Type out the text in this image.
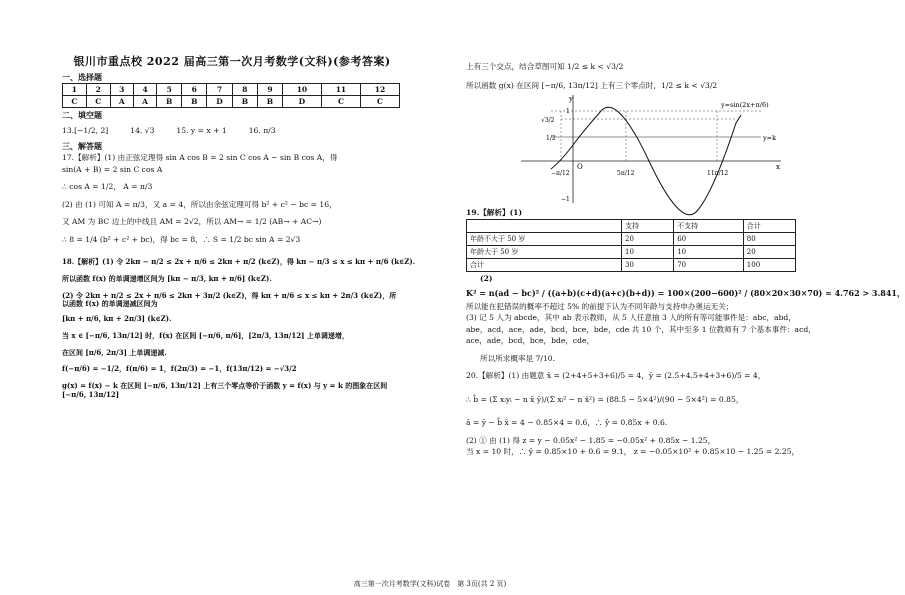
银川市重点校 2022 届高三第一次月考数学(文科)(参考答案)
一、选择题
1	2	3	4	5	6	7	8	9	10	11	12
C	C	A	A	B	B	D	B	B	D	C	C
二、填空题
13.[−1/2, 2]	14. √3	15. y = x + 1	16. π/3
三、解答题
17.【解析】(1) 由正弦定理得 sin A cos B = 2 sin C cos A − sin B cos A，得
sin(A + B) = 2 sin C cos A
∴ cos A = 1/2， A = π/3
(2) 由 (1) 可知 A = π/3，又 a = 4，所以由余弦定理可得 b² + c² − bc = 16，
又 AM 为 BC 边上的中线且 AM = 2√2，所以 AM→ = 1/2 (AB→ + AC→)
∴ 8 = 1/4 (b² + c² + bc)，得 bc = 8，∴ S = 1/2 bc sin A = 2√3
18.【解析】(1) 令 2kπ − π/2 ≤ 2x + π/6 ≤ 2kπ + π/2 (k∈Z)，得 kπ − π/3 ≤ x ≤ kπ + π/6 (k∈Z).
所以函数 f(x) 的单调递增区间为 [kπ − π/3, kπ + π/6] (k∈Z).
(2) 令 2kπ + π/2 ≤ 2x + π/6 ≤ 2kπ + 3π/2 (k∈Z)，得 kπ + π/6 ≤ x ≤ kπ + 2π/3 (k∈Z)，所以函数 f(x) 的单调递减区间为
[kπ + π/6, kπ + 2π/3] (k∈Z).
当 x ∈ [−π/6, 13π/12] 时，f(x) 在区间 [−π/6, π/6]，[2π/3, 13π/12] 上单调递增，
在区间 [π/6, 2π/3] 上单调递减.
f(−π/6) = −1/2，f(π/6) = 1，f(2π/3) = −1，f(13π/12) = −√3/2
g(x) = f(x) − k 在区间 [−π/6, 13π/12] 上有三个零点等价于函数 y = f(x) 与 y = k 的图象在区间 [−π/6, 13π/12]
上有三个交点，结合草图可知 1/2 ≤ k < √3/2
所以函数 g(x) 在区间 [−π/6, 13π/12] 上有三个零点时，1/2 ≤ k < √3/2
y
x
O
1
√3/2
1/2
−1
−π/12	5π/12	11π/12
y=sin(2x+π/6)
y=k
19.【解析】(1)
	支持	不支持	合计
年龄不大于 50 岁	20	60	80
年龄大于 50 岁	10	10	20
合计	30	70	100
(2)
K² = n(ad − bc)² / ((a+b)(c+d)(a+c)(b+d)) = 100×(200−600)² / (80×20×30×70) ≈ 4.762 > 3.841，
所以能在犯错误的概率不超过 5% 的前提下认为不同年龄与支持申办奥运无关；
(3) 记 5 人为 abcde，其中 ab 表示教师，从 5 人任意抽 3 人的所有等可能事件是：abc，abd，
abe，acd，ace，ade，bcd，bce，bde，cde 共 10 个，其中至多 1 位教师有 7 个基本事件：acd，
ace，ade，bcd，bce，bde，cde，
所以所求概率是 7/10.
20.【解析】(1) 由题意 x̄ = (2+4+5+3+6)/5 = 4，ȳ = (2.5+4.5+4+3+6)/5 = 4，
∴ b̂ = (Σ xᵢyᵢ − n x̄ ȳ)/(Σ xᵢ² − n x̄²) = (88.5 − 5×4²)/(90 − 5×4²) = 0.85，
â = ȳ − b̂ x̄ = 4 − 0.85×4 = 0.6，∴ ŷ = 0.85x + 0.6.
(2) ① 由 (1) 得 z = y − 0.05x² − 1.85 = −0.05x² + 0.85x − 1.25，
当 x = 10 时，∴ ŷ = 0.85×10 + 0.6 = 9.1， z = −0.05×10² + 0.85×10 − 1.25 = 2.25，
高三第一次月考数学(文科)试卷　第 3页(共 2 页)
